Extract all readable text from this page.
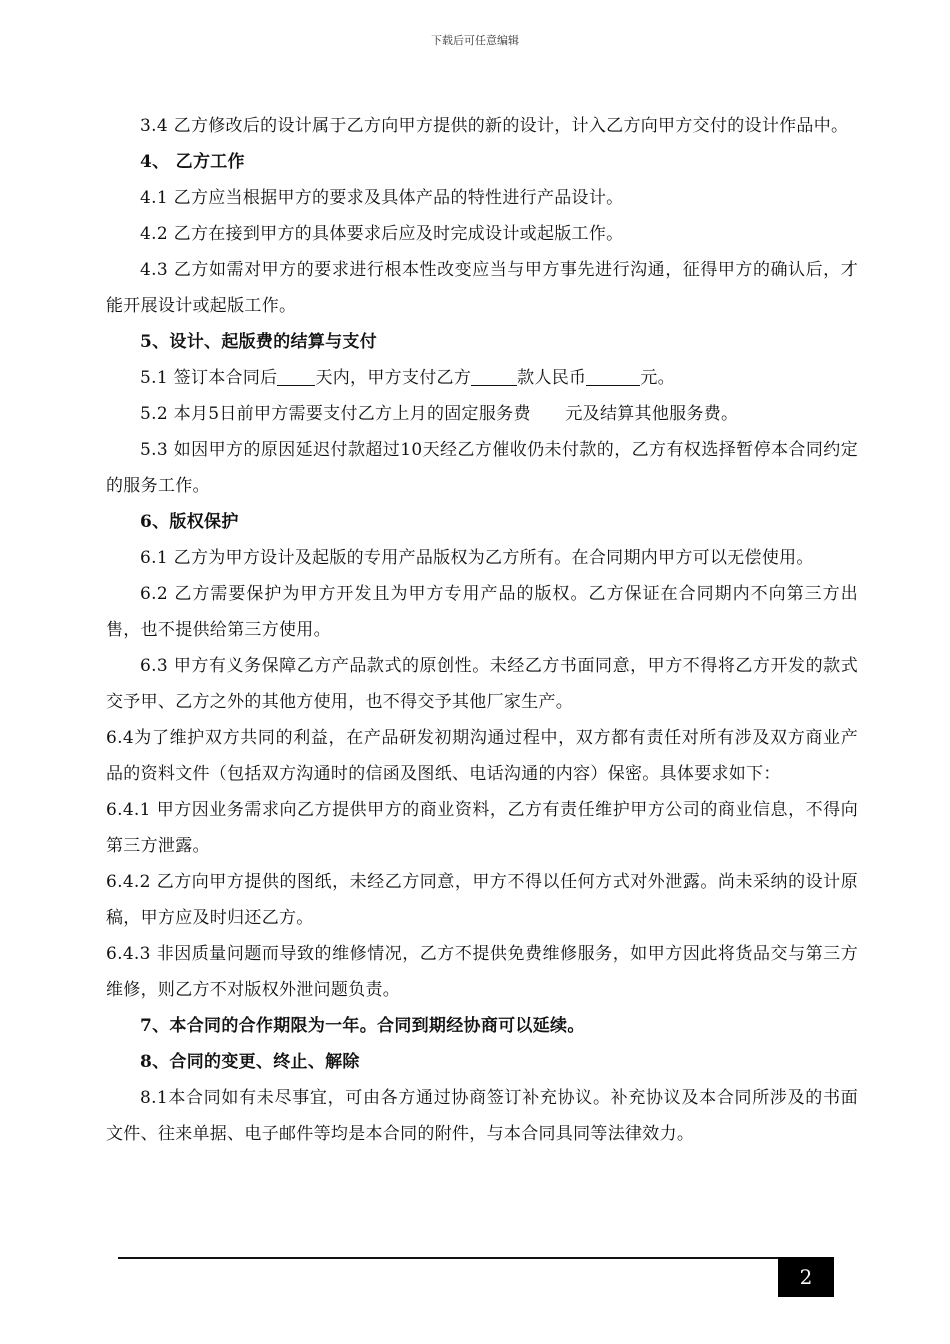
下载后可任意编辑

3.4 乙方修改后的设计属于乙方向甲方提供的新的设计，计入乙方向甲方交付的设计作品中。

4、 乙方工作

4.1 乙方应当根据甲方的要求及具体产品的特性进行产品设计。

4.2 乙方在接到甲方的具体要求后应及时完成设计或起版工作。

4.3 乙方如需对甲方的要求进行根本性改变应当与甲方事先进行沟通，征得甲方的确认后，才能开展设计或起版工作。

5、设计、起版费的结算与支付

5.1 签订本合同后 天内，甲方支付乙方	款人民币	元。

5.2 本月5日前甲方需要支付乙方上月的固定服务费　　元及结算其他服务费。

5.3 如因甲方的原因延迟付款超过10天经乙方催收仍未付款的，乙方有权选择暂停本合同约定的服务工作。

6、版权保护

6.1 乙方为甲方设计及起版的专用产品版权为乙方所有。在合同期内甲方可以无偿使用。

6.2 乙方需要保护为甲方开发且为甲方专用产品的版权。乙方保证在合同期内不向第三方出售，也不提供给第三方使用。

6.3 甲方有义务保障乙方产品款式的原创性。未经乙方书面同意，甲方不得将乙方开发的款式交予甲、乙方之外的其他方使用，也不得交予其他厂家生产。

6.4为了维护双方共同的利益，在产品研发初期沟通过程中，双方都有责任对所有涉及双方商业产品的资料文件（包括双方沟通时的信函及图纸、电话沟通的内容）保密。具体要求如下：

6.4.1 甲方因业务需求向乙方提供甲方的商业资料，乙方有责任维护甲方公司的商业信息，不得向第三方泄露。

6.4.2 乙方向甲方提供的图纸，未经乙方同意，甲方不得以任何方式对外泄露。尚未采纳的设计原稿，甲方应及时归还乙方。

6.4.3 非因质量问题而导致的维修情况，乙方不提供免费维修服务，如甲方因此将货品交与第三方维修，则乙方不对版权外泄问题负责。

7、本合同的合作期限为一年。合同到期经协商可以延续。

8、合同的变更、终止、解除

8.1本合同如有未尽事宜，可由各方通过协商签订补充协议。补充协议及本合同所涉及的书面文件、往来单据、电子邮件等均是本合同的附件，与本合同具同等法律效力。

2
